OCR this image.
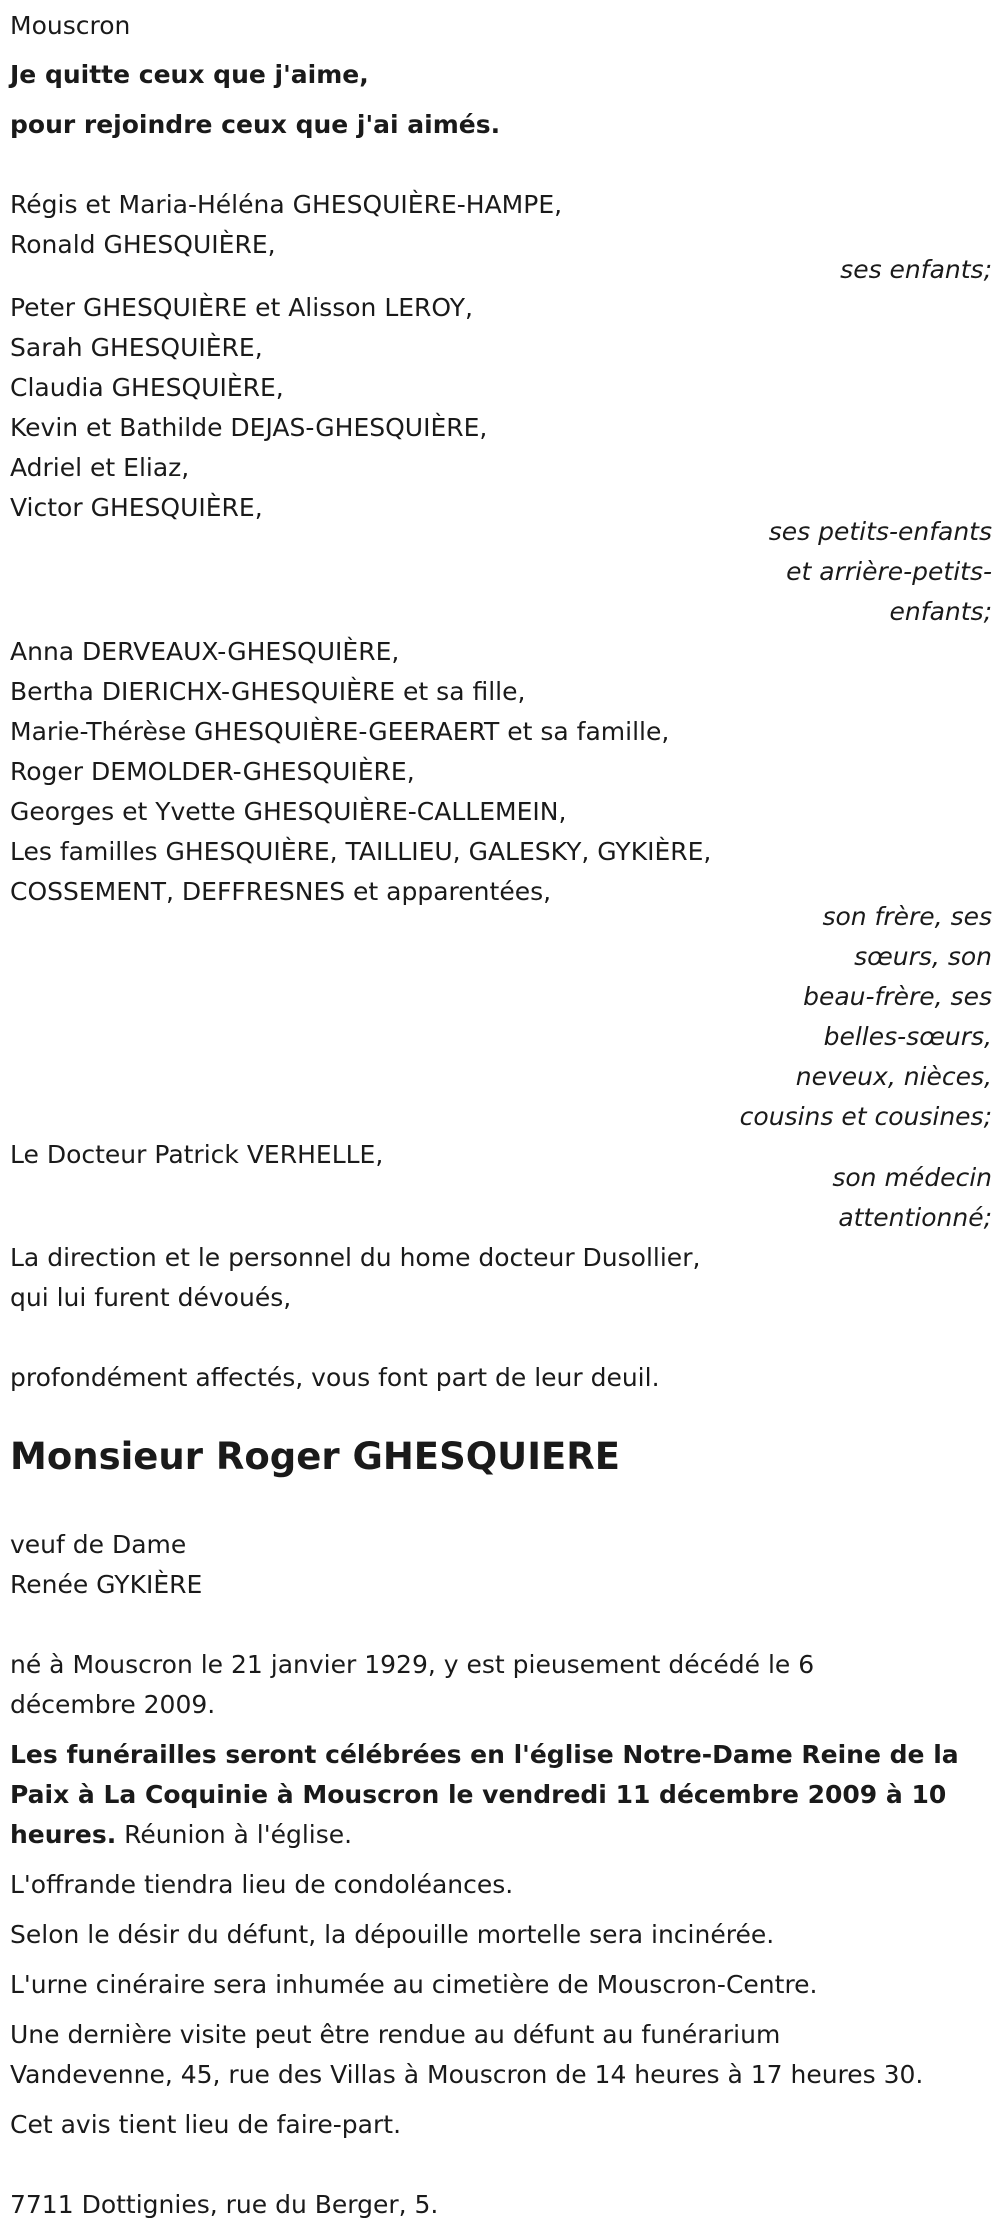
Mouscron
Je quitte ceux que j'aime,
pour rejoindre ceux que j'ai aimés.
Régis et Maria-Héléna GHESQUIÈRE-HAMPE,
Ronald GHESQUIÈRE,
ses enfants;
Peter GHESQUIÈRE et Alisson LEROY,
Sarah GHESQUIÈRE,
Claudia GHESQUIÈRE,
Kevin et Bathilde DEJAS-GHESQUIÈRE,
Adriel et Eliaz,
Victor GHESQUIÈRE,
ses petits-enfants
et arrière-petits-
enfants;
Anna DERVEAUX-GHESQUIÈRE,
Bertha DIERICHX-GHESQUIÈRE et sa fille,
Marie-Thérèse GHESQUIÈRE-GEERAERT et sa famille,
Roger DEMOLDER-GHESQUIÈRE,
Georges et Yvette GHESQUIÈRE-CALLEMEIN,
Les familles GHESQUIÈRE, TAILLIEU, GALESKY, GYKIÈRE,
COSSEMENT, DEFFRESNES et apparentées,
son frère, ses
sœurs, son
beau-frère, ses
belles-sœurs,
neveux, nièces,
cousins et cousines;
Le Docteur Patrick VERHELLE,
son médecin
attentionné;
La direction et le personnel du home docteur Dusollier,
qui lui furent dévoués,
profondément affectés, vous font part de leur deuil.
Monsieur Roger GHESQUIERE
veuf de Dame
Renée GYKIÈRE
né à Mouscron le 21 janvier 1929, y est pieusement décédé le 6
décembre 2009.
Les funérailles seront célébrées en l'église Notre-Dame Reine de la
Paix à La Coquinie à Mouscron le vendredi 11 décembre 2009 à 10
heures. Réunion à l'église.
L'offrande tiendra lieu de condoléances.
Selon le désir du défunt, la dépouille mortelle sera incinérée.
L'urne cinéraire sera inhumée au cimetière de Mouscron-Centre.
Une dernière visite peut être rendue au défunt au funérarium
Vandevenne, 45, rue des Villas à Mouscron de 14 heures à 17 heures 30.
Cet avis tient lieu de faire-part.
7711 Dottignies, rue du Berger, 5.
